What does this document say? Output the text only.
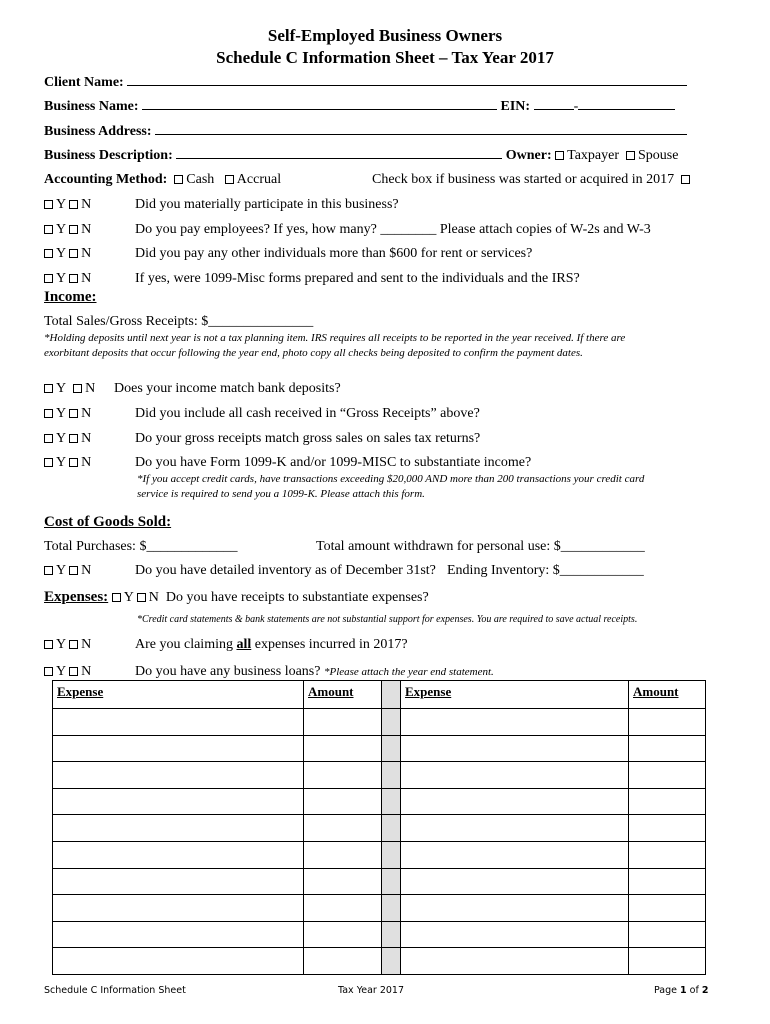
Self-Employed Business Owners
Schedule C Information Sheet – Tax Year 2017
Client Name:
Business Name:	EIN:	-
Business Address:
Business Description:	Owner: Taxpayer Spouse
Accounting Method: Cash Accrual	Check box if business was started or acquired in 2017
Y N	Did you materially participate in this business?
Y N	Do you pay employees? If yes, how many? ________ Please attach copies of W-2s and W-3
Y N	Did you pay any other individuals more than $600 for rent or services?
Y N	If yes, were 1099-Misc forms prepared and sent to the individuals and the IRS?
Income:
Total Sales/Gross Receipts: $_______________
*Holding deposits until next year is not a tax planning item. IRS requires all receipts to be reported in the year received. If there are
exorbitant deposits that occur following the year end, photo copy all checks being deposited to confirm the payment dates.
Y N Does your income match bank deposits?
Y N	Did you include all cash received in “Gross Receipts” above?
Y N	Do your gross receipts match gross sales on sales tax returns?
Y N	Do you have Form 1099-K and/or 1099-MISC to substantiate income?
*If you accept credit cards, have transactions exceeding $20,000 AND more than 200 transactions your credit card
service is required to send you a 1099-K. Please attach this form.
Cost of Goods Sold:
Total Purchases: $_____________	Total amount withdrawn for personal use: $____________
Y N	Do you have detailed inventory as of December 31st? Ending Inventory: $____________
Expenses: Y N Do you have receipts to substantiate expenses?
*Credit card statements & bank statements are not substantial support for expenses. You are required to save actual receipts.
Y N	Are you claiming all expenses incurred in 2017?
Y N	Do you have any business loans? *Please attach the year end statement.
Expense	Amount		Expense	Amount

Schedule C Information Sheet	Tax Year 2017	Page 1 of 2
